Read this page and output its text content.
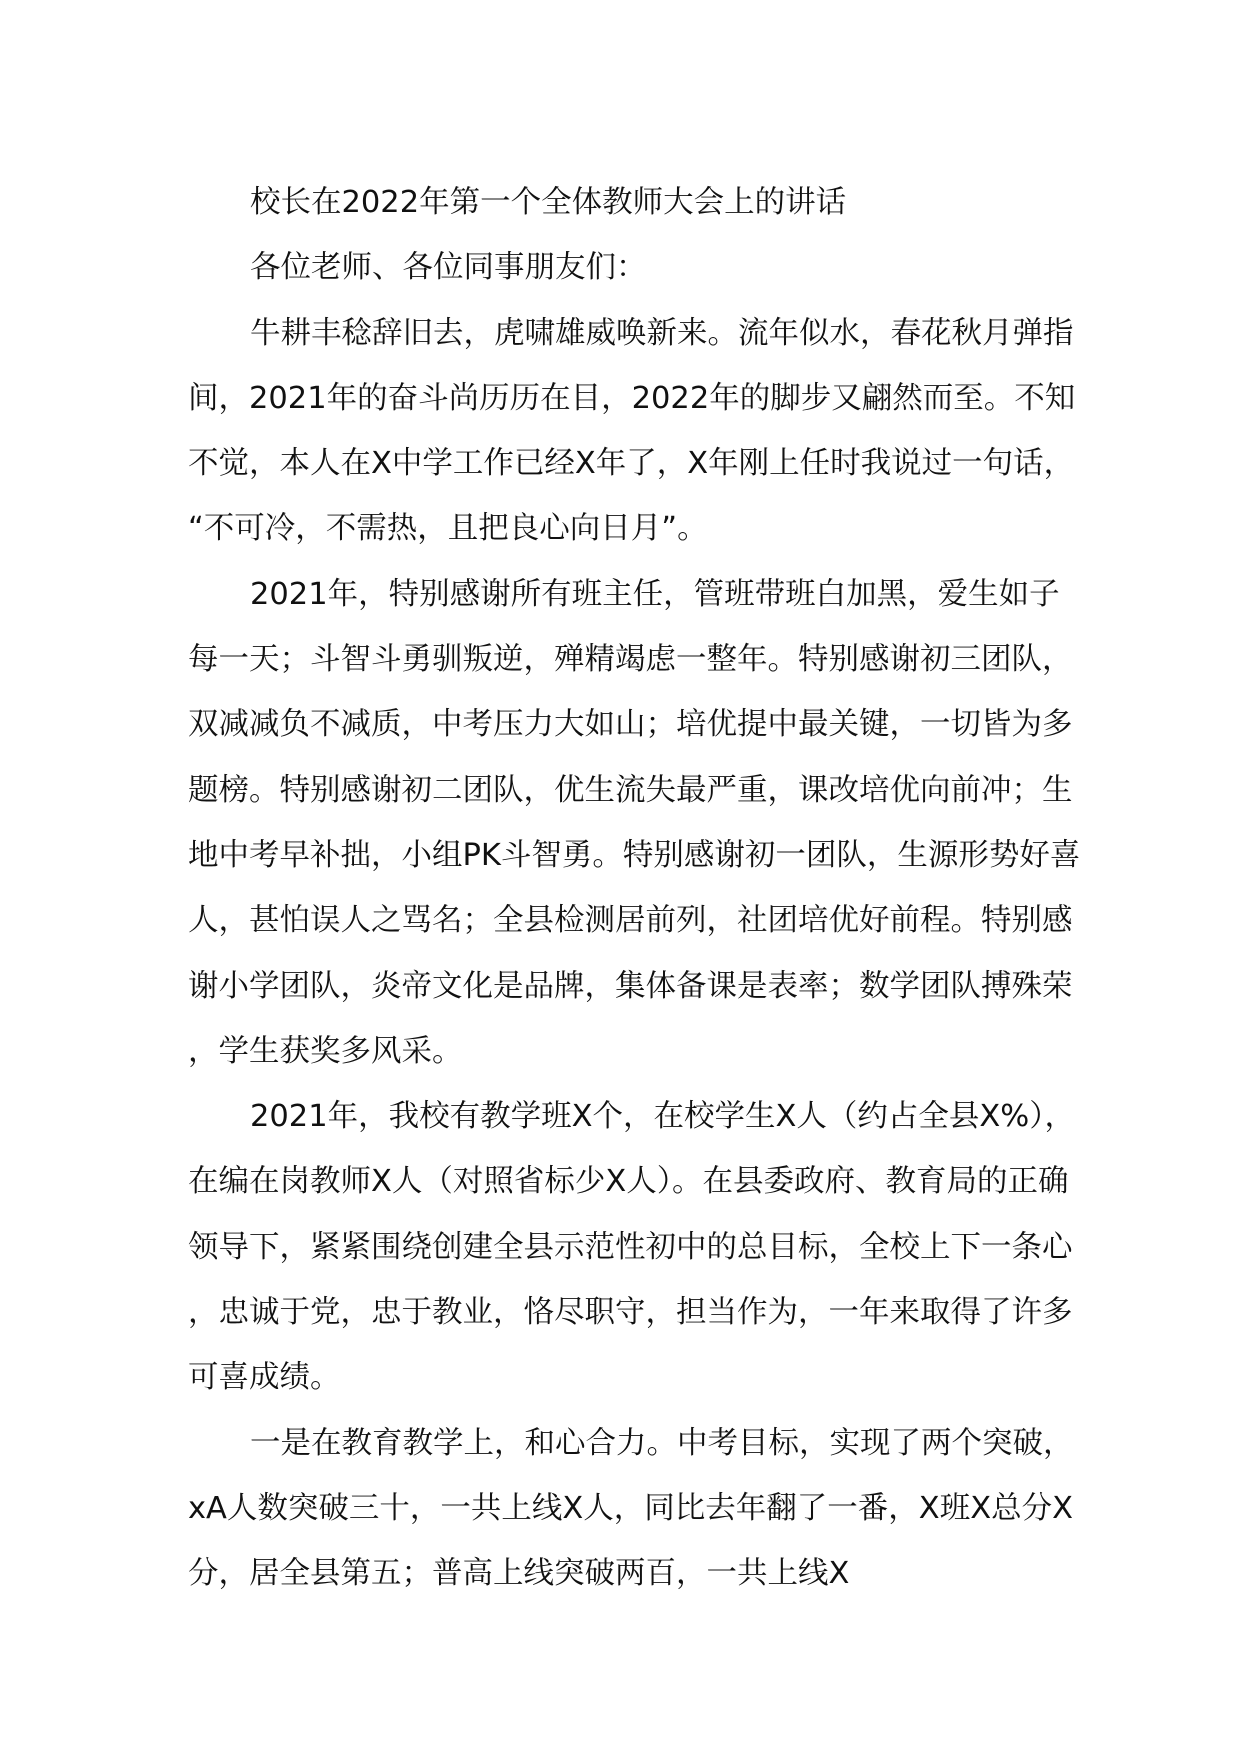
校长在2022年第一个全体教师大会上的讲话

各位老师、各位同事朋友们：

牛耕丰稔辞旧去，虎啸雄威唤新来。流年似水，春花秋月弹指间，2021年的奋斗尚历历在目，2022年的脚步又翩然而至。不知不觉，本人在X中学工作已经X年了，X年刚上任时我说过一句话，“不可冷，不需热，且把良心向日月”。

2021年，特别感谢所有班主任，管班带班白加黑，爱生如子每一天；斗智斗勇驯叛逆，殚精竭虑一整年。特别感谢初三团队，双减减负不减质，中考压力大如山；培优提中最关键，一切皆为多题榜。特别感谢初二团队，优生流失最严重，课改培优向前冲；生地中考早补拙，小组PK斗智勇。特别感谢初一团队，生源形势好喜人，甚怕误人之骂名；全县检测居前列，社团培优好前程。特别感谢小学团队，炎帝文化是品牌，集体备课是表率；数学团队搏殊荣，学生获奖多风采。

2021年，我校有教学班X个，在校学生X人（约占全县X%），在编在岗教师X人（对照省标少X人）。在县委政府、教育局的正确领导下，紧紧围绕创建全县示范性初中的总目标，全校上下一条心，忠诚于党，忠于教业，恪尽职守，担当作为，一年来取得了许多可喜成绩。

一是在教育教学上，和心合力。中考目标，实现了两个突破，xA人数突破三十，一共上线X人，同比去年翻了一番，X班X总分X分，居全县第五；普高上线突破两百，一共上线X
